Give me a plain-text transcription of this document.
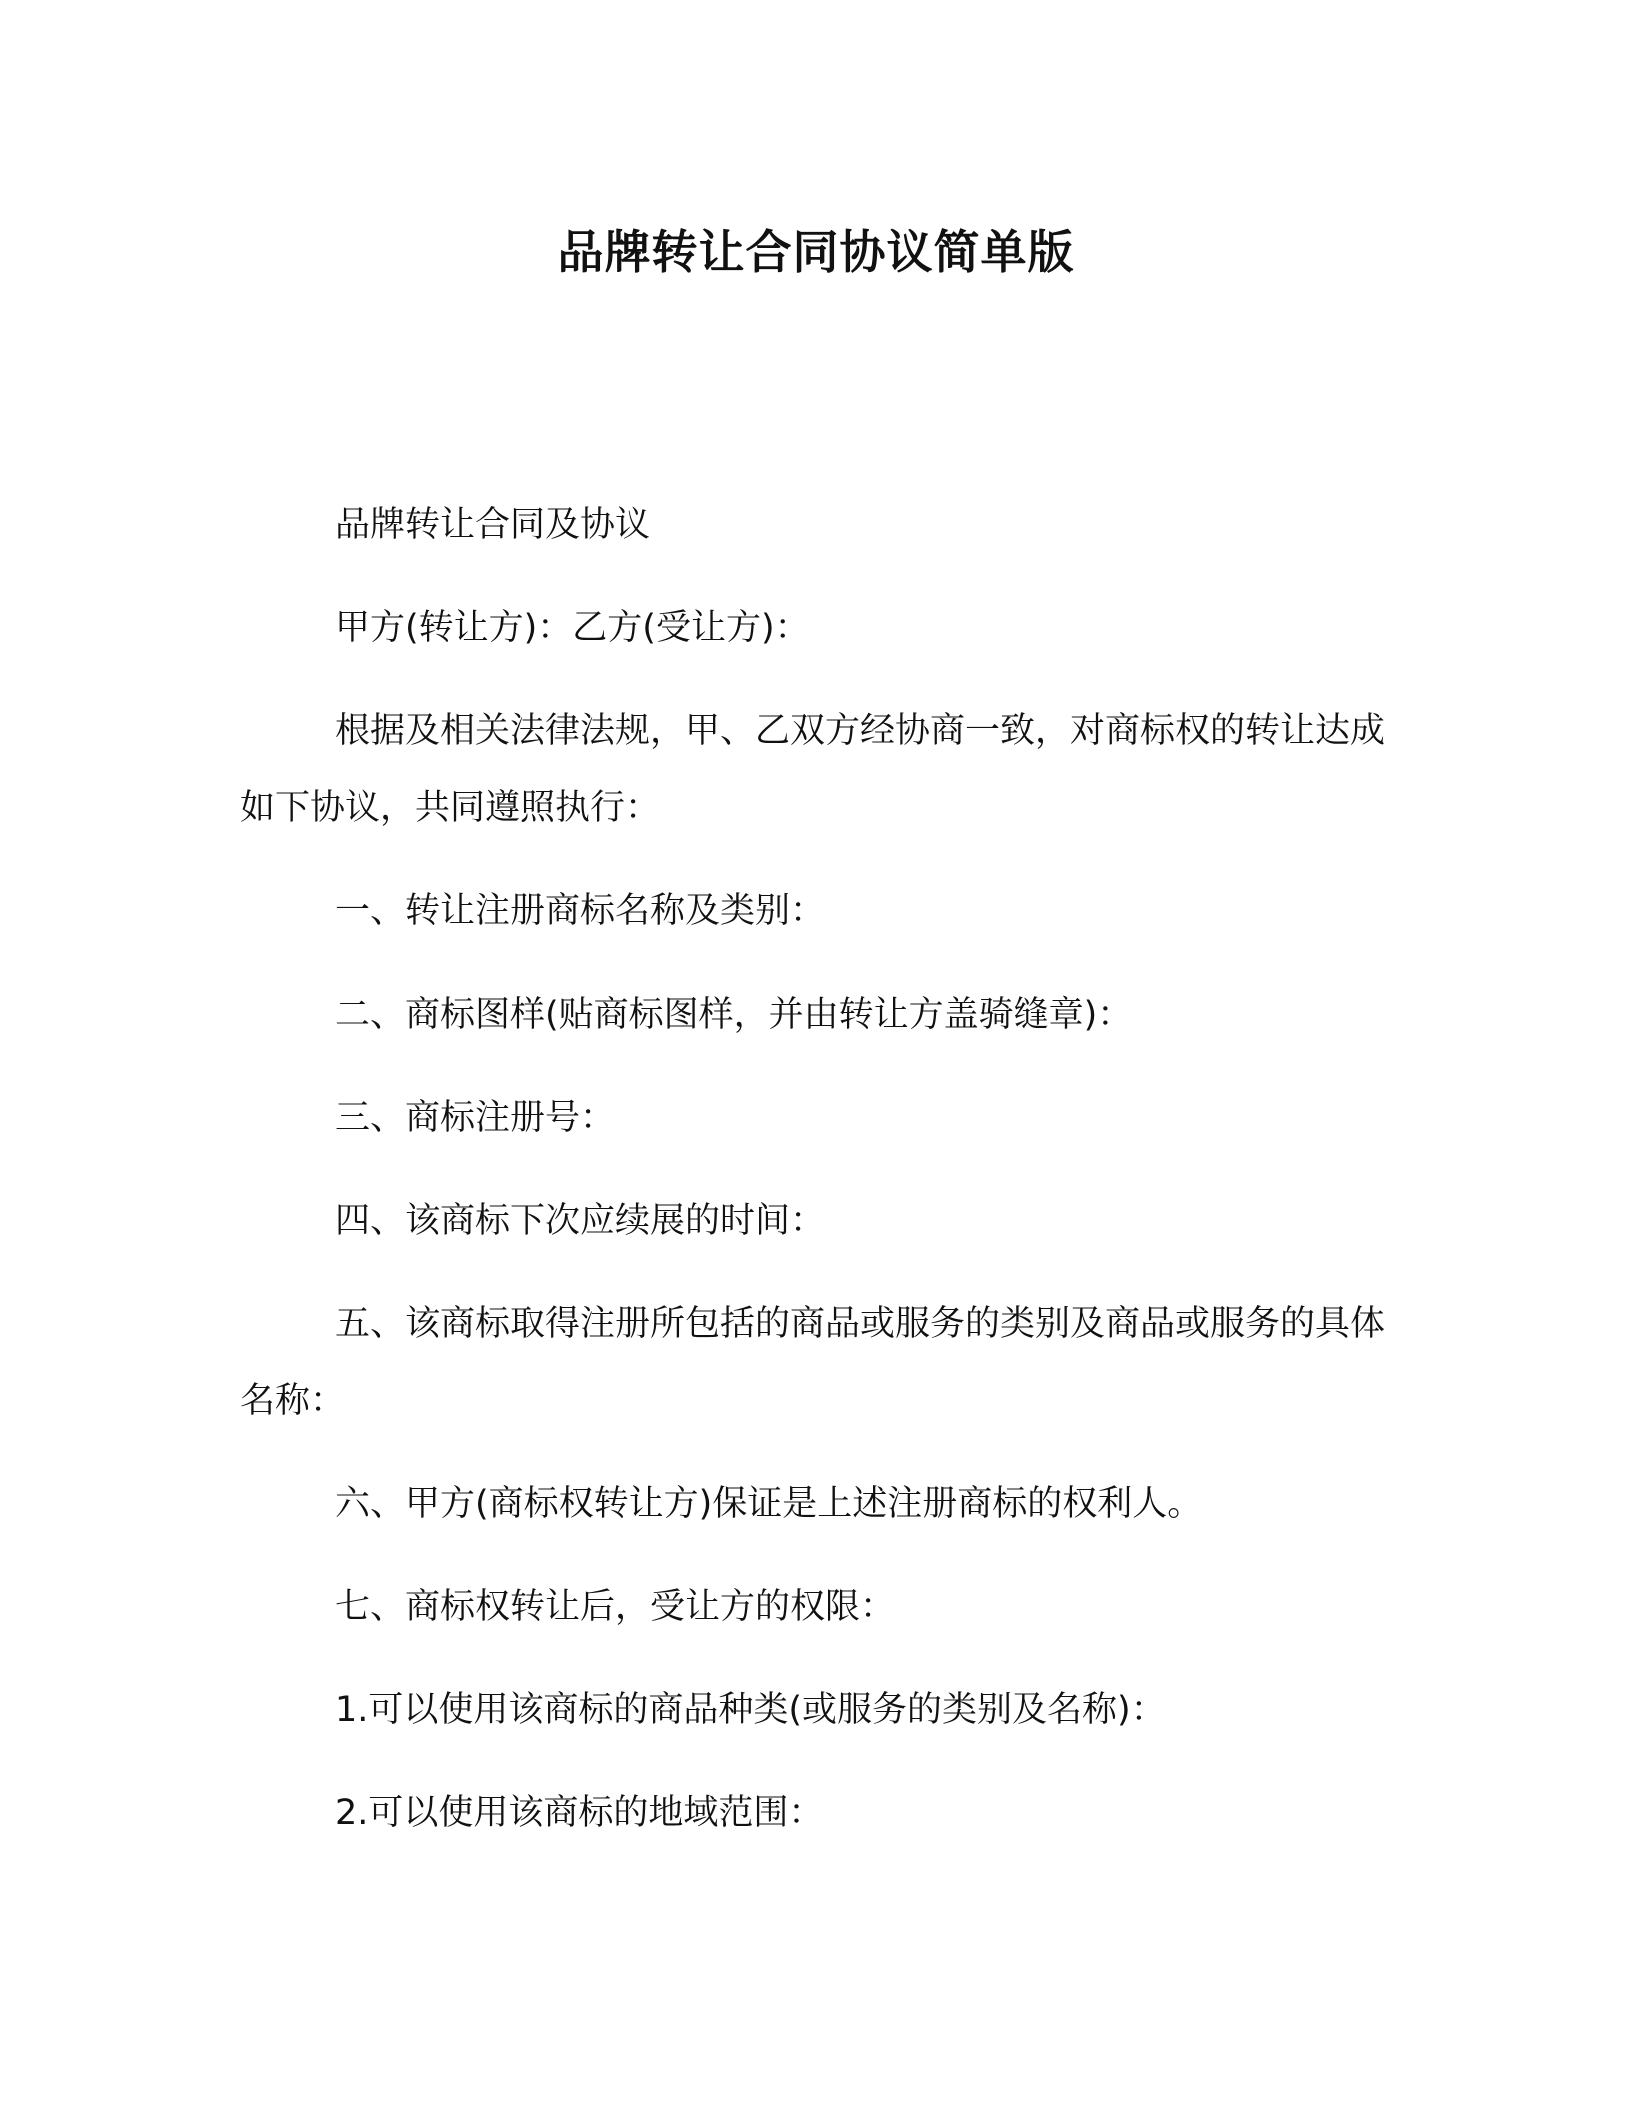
品牌转让合同协议简单版

品牌转让合同及协议

甲方(转让方)：乙方(受让方)：

根据及相关法律法规，甲、乙双方经协商一致，对商标权的转让达成如下协议，共同遵照执行：

一、转让注册商标名称及类别：

二、商标图样(贴商标图样，并由转让方盖骑缝章)：

三、商标注册号：

四、该商标下次应续展的时间：

五、该商标取得注册所包括的商品或服务的类别及商品或服务的具体名称：

六、甲方(商标权转让方)保证是上述注册商标的权利人。

七、商标权转让后，受让方的权限：

1.可以使用该商标的商品种类(或服务的类别及名称)：

2.可以使用该商标的地域范围：
